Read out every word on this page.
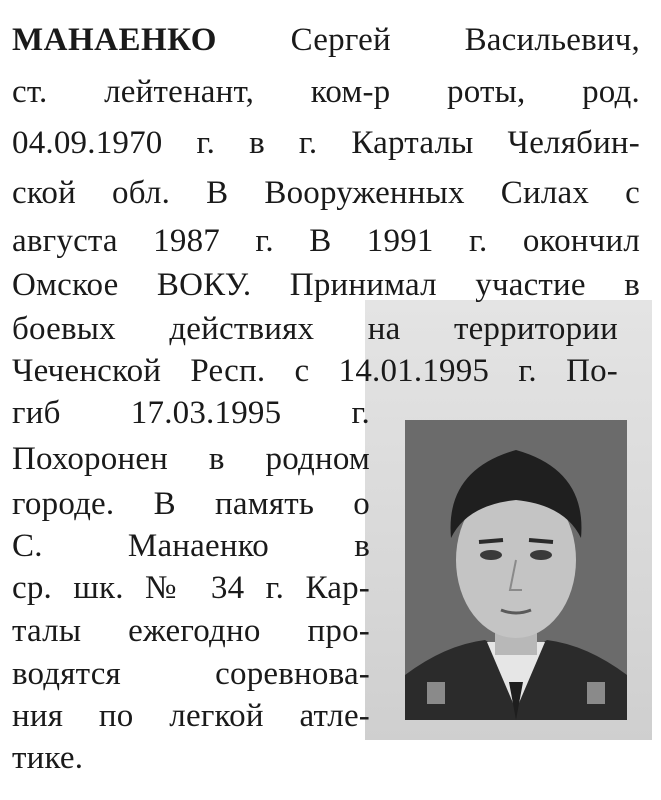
МАНАЕНКО Сергей Васильевич,
ст. лейтенант, ком-р роты, род.
04.09.1970 г. в г. Карталы Челябин-
ской обл. В Вооруженных Силах с
августа 1987 г. В 1991 г. окончил
Омское ВОКУ. Принимал участие в
боевых действиях на территории
Чеченской Респ. с 14.01.1995 г. По-
гиб 17.03.1995 г.
Похоронен в родном
городе. В память о
С. Манаенко в
ср. шк. № 34 г. Кар-
талы ежегодно про-
водятся соревнова-
ния по легкой атле-
тике.
